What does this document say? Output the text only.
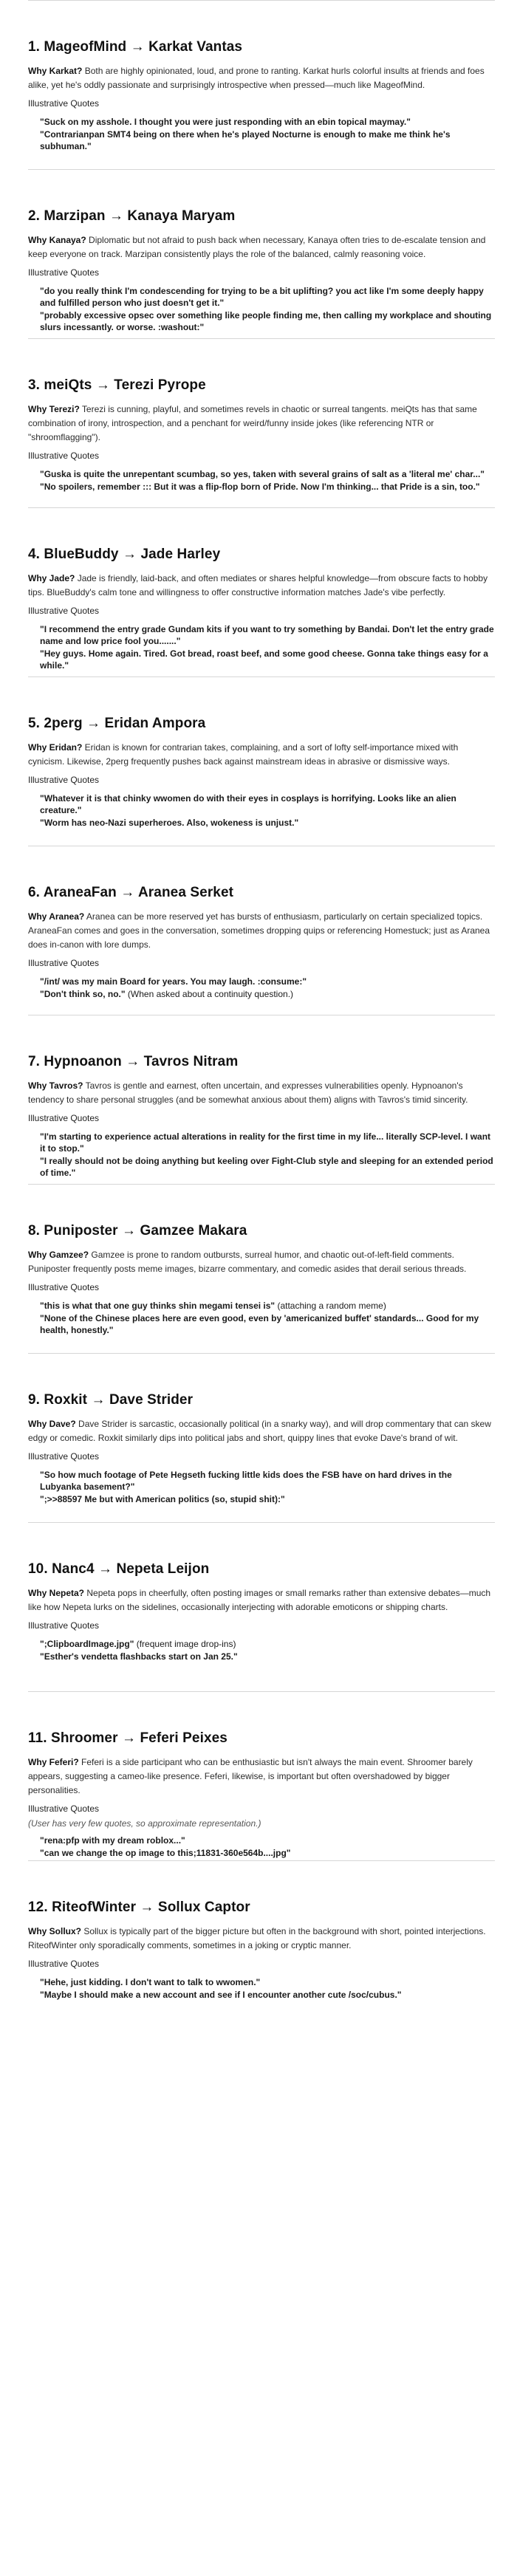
1. MageofMind → Karkat Vantas

Why Karkat? Both are highly opinionated, loud, and prone to ranting. Karkat hurls colorful insults at friends and foes alike, yet he's oddly passionate and surprisingly introspective when pressed—much like MageofMind.

Illustrative Quotes
"Suck on my asshole. I thought you were just responding with an ebin topical maymay."
"Contrarianpan SMT4 being on there when he's played Nocturne is enough to make me think he's subhuman."
2. Marzipan → Kanaya Maryam

Why Kanaya? Diplomatic but not afraid to push back when necessary, Kanaya often tries to de-escalate tension and keep everyone on track. Marzipan consistently plays the role of the balanced, calmly reasoning voice.

Illustrative Quotes
"do you really think I'm condescending for trying to be a bit uplifting? you act like I'm some deeply happy and fulfilled person who just doesn't get it."
"probably excessive opsec over something like people finding me, then calling my workplace and shouting slurs incessantly. or worse. :washout:"
3. meiQts → Terezi Pyrope

Why Terezi? Terezi is cunning, playful, and sometimes revels in chaotic or surreal tangents. meiQts has that same combination of irony, introspection, and a penchant for weird/funny inside jokes (like referencing NTR or "shroomflagging").

Illustrative Quotes
"Guska is quite the unrepentant scumbag, so yes, taken with several grains of salt as a 'literal me' char..."
"No spoilers, remember ::: But it was a flip-flop born of Pride. Now I'm thinking... that Pride is a sin, too."
4. BlueBuddy → Jade Harley

Why Jade? Jade is friendly, laid-back, and often mediates or shares helpful knowledge—from obscure facts to hobby tips. BlueBuddy's calm tone and willingness to offer constructive information matches Jade's vibe perfectly.

Illustrative Quotes
"I recommend the entry grade Gundam kits if you want to try something by Bandai. Don't let the entry grade name and low price fool you......."
"Hey guys. Home again. Tired. Got bread, roast beef, and some good cheese. Gonna take things easy for a while."
5. 2perg → Eridan Ampora

Why Eridan? Eridan is known for contrarian takes, complaining, and a sort of lofty self-importance mixed with cynicism. Likewise, 2perg frequently pushes back against mainstream ideas in abrasive or dismissive ways.

Illustrative Quotes
"Whatever it is that chinky wwomen do with their eyes in cosplays is horrifying. Looks like an alien creature."
"Worm has neo-Nazi superheroes. Also, wokeness is unjust."
6. AraneaFan → Aranea Serket

Why Aranea? Aranea can be more reserved yet has bursts of enthusiasm, particularly on certain specialized topics. AraneaFan comes and goes in the conversation, sometimes dropping quips or referencing Homestuck; just as Aranea does in-canon with lore dumps.

Illustrative Quotes
"/int/ was my main Board for years. You may laugh. :consume:"
"Don't think so, no." (When asked about a continuity question.)
7. Hypnoanon → Tavros Nitram

Why Tavros? Tavros is gentle and earnest, often uncertain, and expresses vulnerabilities openly. Hypnoanon's tendency to share personal struggles (and be somewhat anxious about them) aligns with Tavros's timid sincerity.

Illustrative Quotes
"I'm starting to experience actual alterations in reality for the first time in my life... literally SCP-level. I want it to stop."
"I really should not be doing anything but keeling over Fight-Club style and sleeping for an extended period of time."
8. Puniposter → Gamzee Makara

Why Gamzee? Gamzee is prone to random outbursts, surreal humor, and chaotic out-of-left-field comments. Puniposter frequently posts meme images, bizarre commentary, and comedic asides that derail serious threads.

Illustrative Quotes
"this is what that one guy thinks shin megami tensei is" (attaching a random meme)
"None of the Chinese places here are even good, even by 'americanized buffet' standards... Good for my health, honestly."
9. Roxkit → Dave Strider

Why Dave? Dave Strider is sarcastic, occasionally political (in a snarky way), and will drop commentary that can skew edgy or comedic. Roxkit similarly dips into political jabs and short, quippy lines that evoke Dave's brand of wit.

Illustrative Quotes
"So how much footage of Pete Hegseth fucking little kids does the FSB have on hard drives in the Lubyanka basement?"
";>>88597 Me but with American politics (so, stupid shit):"
10. Nanc4 → Nepeta Leijon

Why Nepeta? Nepeta pops in cheerfully, often posting images or small remarks rather than extensive debates—much like how Nepeta lurks on the sidelines, occasionally interjecting with adorable emoticons or shipping charts.

Illustrative Quotes
";ClipboardImage.jpg" (frequent image drop-ins)
"Esther's vendetta flashbacks start on Jan 25."
11. Shroomer → Feferi Peixes

Why Feferi? Feferi is a side participant who can be enthusiastic but isn't always the main event. Shroomer barely appears, suggesting a cameo-like presence. Feferi, likewise, is important but often overshadowed by bigger personalities.

Illustrative Quotes
(User has very few quotes, so approximate representation.)
"rena:pfp with my dream roblox..."
"can we change the op image to this;11831-360e564b....jpg"
12. RiteofWinter → Sollux Captor

Why Sollux? Sollux is typically part of the bigger picture but often in the background with short, pointed interjections. RiteofWinter only sporadically comments, sometimes in a joking or cryptic manner.

Illustrative Quotes
"Hehe, just kidding. I don't want to talk to wwomen."
"Maybe I should make a new account and see if I encounter another cute /soc/cubus."
